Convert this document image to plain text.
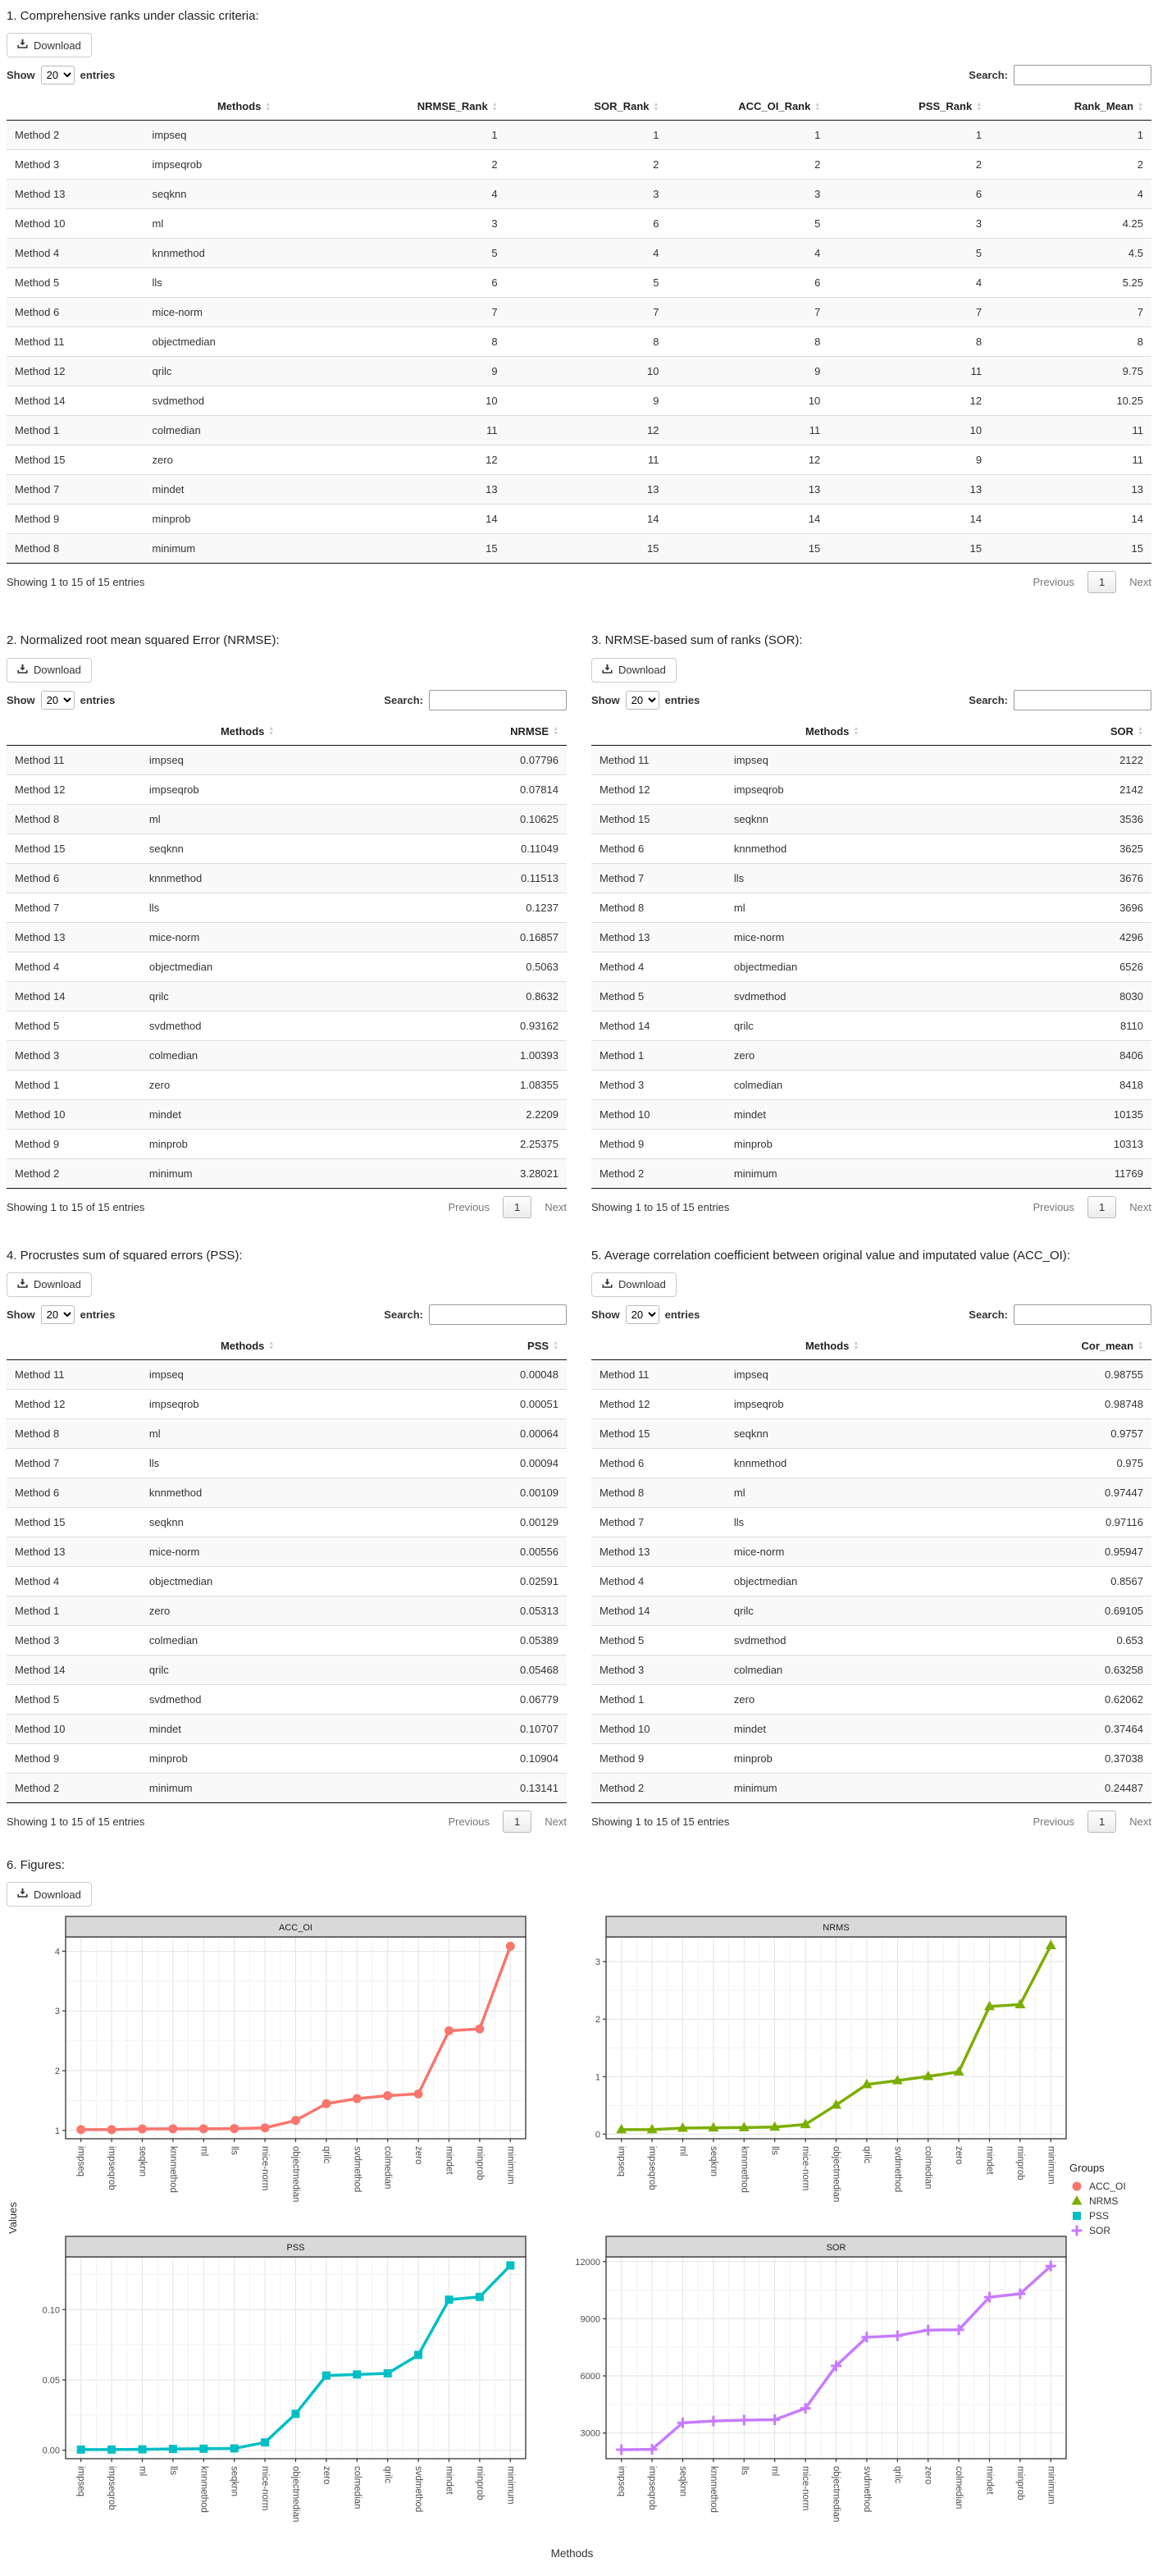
1. Comprehensive ranks under classic criteria:
Download
Show
20	entries	Search:
	Methods ▲
▼	NRMSE_Rank ▲
▼	SOR_Rank ▲
▼	ACC_OI_Rank ▲
▼	PSS_Rank ▲
▼	Rank_Mean ▲
▼

Method 2	impseq	1	1	1	1	1
Method 3	impseqrob	2	2	2	2	2
Method 13	seqknn	4	3	3	6	4
Method 10	ml	3	6	5	3	4.25
Method 4	knnmethod	5	4	4	5	4.5
Method 5	lls	6	5	6	4	5.25
Method 6	mice-norm	7	7	7	7	7
Method 11	objectmedian	8	8	8	8	8
Method 12	qrilc	9	10	9	11	9.75
Method 14	svdmethod	10	9	10	12	10.25
Method 1	colmedian	11	12	11	10	11
Method 15	zero	12	11	12	9	11
Method 7	mindet	13	13	13	13	13
Method 9	minprob	14	14	14	14	14
Method 8	minimum	15	15	15	15	15
Showing 1 to 15 of 15 entries	Previous	1	Next
2. Normalized root mean squared Error (NRMSE):
Download
Show
20	entries	Search:
	Methods ▲
▼	NRMSE ▲
▼

Method 11	impseq	0.07796
Method 12	impseqrob	0.07814
Method 8	ml	0.10625
Method 15	seqknn	0.11049
Method 6	knnmethod	0.11513
Method 7	lls	0.1237
Method 13	mice-norm	0.16857
Method 4	objectmedian	0.5063
Method 14	qrilc	0.8632
Method 5	svdmethod	0.93162
Method 3	colmedian	1.00393
Method 1	zero	1.08355
Method 10	mindet	2.2209
Method 9	minprob	2.25375
Method 2	minimum	3.28021
Showing 1 to 15 of 15 entries	Previous	1	Next
3. NRMSE-based sum of ranks (SOR):
Download
Show
20	entries	Search:
	Methods ▲
▼	SOR ▲
▼

Method 11	impseq	2122
Method 12	impseqrob	2142
Method 15	seqknn	3536
Method 6	knnmethod	3625
Method 7	lls	3676
Method 8	ml	3696
Method 13	mice-norm	4296
Method 4	objectmedian	6526
Method 5	svdmethod	8030
Method 14	qrilc	8110
Method 1	zero	8406
Method 3	colmedian	8418
Method 10	mindet	10135
Method 9	minprob	10313
Method 2	minimum	11769
Showing 1 to 15 of 15 entries	Previous	1	Next
4. Procrustes sum of squared errors (PSS):
Download
Show
20	entries	Search:
	Methods ▲
▼	PSS ▲
▼

Method 11	impseq	0.00048
Method 12	impseqrob	0.00051
Method 8	ml	0.00064
Method 7	lls	0.00094
Method 6	knnmethod	0.00109
Method 15	seqknn	0.00129
Method 13	mice-norm	0.00556
Method 4	objectmedian	0.02591
Method 1	zero	0.05313
Method 3	colmedian	0.05389
Method 14	qrilc	0.05468
Method 5	svdmethod	0.06779
Method 10	mindet	0.10707
Method 9	minprob	0.10904
Method 2	minimum	0.13141
Showing 1 to 15 of 15 entries	Previous	1	Next
5. Average correlation coefficient between original value and imputated value (ACC_OI):
Download
Show
20	entries	Search:
	Methods ▲
▼	Cor_mean ▲
▼

Method 11	impseq	0.98755
Method 12	impseqrob	0.98748
Method 15	seqknn	0.9757
Method 6	knnmethod	0.975
Method 8	ml	0.97447
Method 7	lls	0.97116
Method 13	mice-norm	0.95947
Method 4	objectmedian	0.8567
Method 14	qrilc	0.69105
Method 5	svdmethod	0.653
Method 3	colmedian	0.63258
Method 1	zero	0.62062
Method 10	mindet	0.37464
Method 9	minprob	0.37038
Method 2	minimum	0.24487
Showing 1 to 15 of 15 entries	Previous	1	Next
6. Figures:
Download
Values
ACC_OI
1
2
3
4
impseq impseqrob seqknn knnmethod ml lls mice-norm objectmedian qrilc svdmethod colmedian zero mindet minprob minimum
NRMS
0
1
2
3
impseq impseqrob ml seqknn knnmethod lls mice-norm objectmedian qrilc svdmethod colmedian zero mindet minprob minimum
PSS
0.00
0.05
0.10
impseq impseqrob ml lls knnmethod seqknn mice-norm objectmedian zero colmedian qrilc svdmethod mindet minprob minimum
SOR
3000
6000
9000
12000
impseq impseqrob seqknn knnmethod lls ml mice-norm objectmedian svdmethod qrilc zero colmedian mindet minprob minimum
Groups
ACC_OI
NRMS
PSS
SOR
Methods
